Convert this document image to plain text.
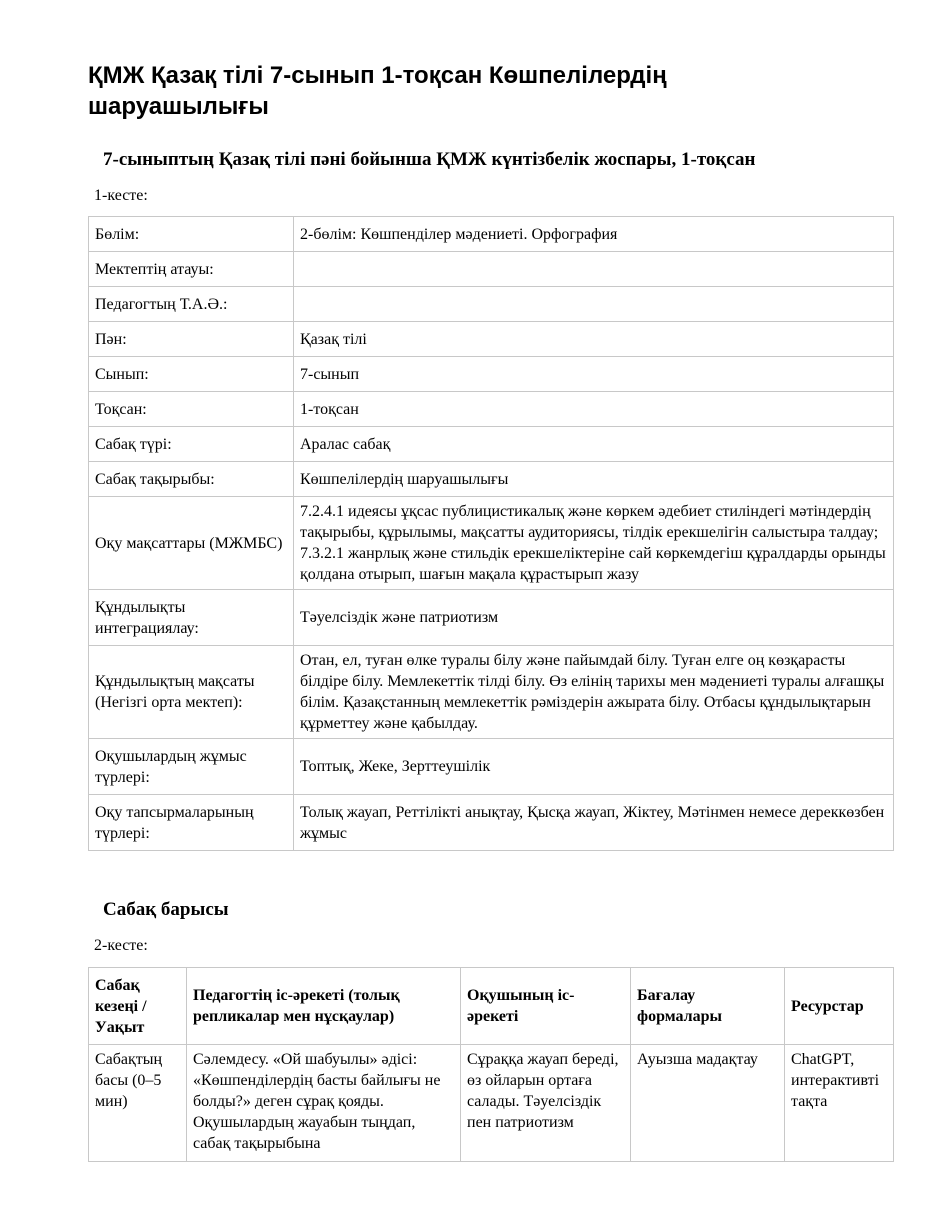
ҚМЖ Қазақ тілі 7-сынып 1-тоқсан Көшпелілердің шаруашылығы
7-сыныптың Қазақ тілі пәні бойынша ҚМЖ күнтізбелік жоспары, 1-тоқсан
1-кесте:
Бөлім:	2-бөлім: Көшпенділер мәдениеті. Орфография
Мектептің атауы:	
Педагогтың Т.А.Ә.:	
Пән:	Қазақ тілі
Сынып:	7-сынып
Тоқсан:	1-тоқсан
Сабақ түрі:	Аралас сабақ
Сабақ тақырыбы:	Көшпелілердің шаруашылығы
Оқу мақсаттары (МЖМБС)	7.2.4.1 идеясы ұқсас публицистикалық және көркем әдебиет стиліндегі мәтіндердің тақырыбы, құрылымы, мақсатты аудиториясы, тілдік ерекшелігін салыстыра талдау; 7.3.2.1 жанрлық және стильдік ерекшеліктеріне сай көркемдегіш құралдарды орынды қолдана отырып, шағын мақала құрастырып жазу
Құндылықты интеграциялау:	Тәуелсіздік және патриотизм
Құндылықтың мақсаты (Негізгі орта мектеп):	Отан, ел, туған өлке туралы білу және пайымдай білу. Туған елге оң көзқарасты білдіре білу. Мемлекеттік тілді білу. Өз елінің тарихы мен мәдениеті туралы алғашқы білім. Қазақстанның мемлекеттік рәміздерін ажырата білу. Отбасы құндылықтарын құрметтеу және қабылдау.
Оқушылардың жұмыс түрлері:	Топтық, Жеке, Зерттеушілік
Оқу тапсырмаларының түрлері:	Толық жауап, Реттілікті анықтау, Қысқа жауап, Жіктеу, Мәтінмен немесе дереккөзбен жұмыс
Сабақ барысы
2-кесте:
Сабақ кезеңі / Уақыт	Педагогтің іс-әрекеті (толық репликалар мен нұсқаулар)	Оқушының іс-әрекеті	Бағалау формалары	Ресурстар
Сабақтың басы (0–5 мин)	Сәлемдесу. «Ой шабуылы» әдісі: «Көшпенділердің басты байлығы не болды?» деген сұрақ қояды. Оқушылардың жауабын тыңдап, сабақ тақырыбына	Сұраққа жауап береді, өз ойларын ортаға салады. Тәуелсіздік пен патриотизм	Ауызша мадақтау	ChatGPT, интерактивті тақта
